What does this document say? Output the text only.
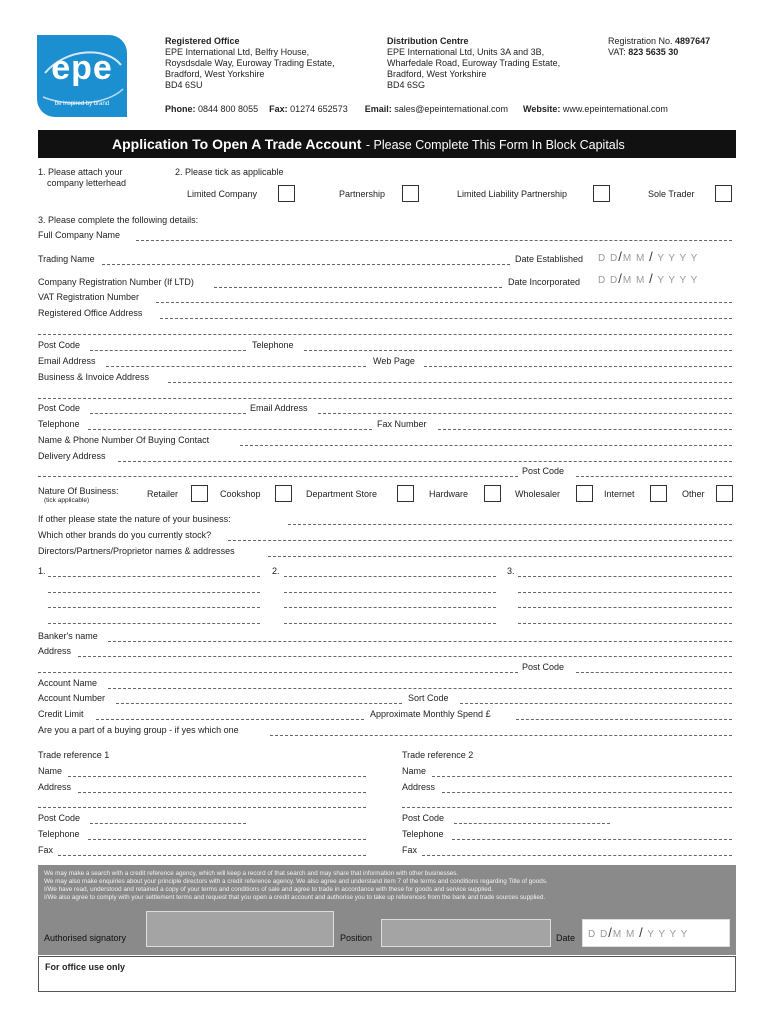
epe
be inspired by brand
Registered Office
EPE International Ltd, Belfry House,
Roysdsdale Way, Euroway Trading Estate,
Bradford, West Yorkshire
BD4 6SU
Distribution Centre
EPE International Ltd, Units 3A and 3B,
Wharfedale Road, Euroway Trading Estate,
Bradford, West Yorkshire
BD4 6SG
Registration No. 4897647
VAT: 823 5635 30
Phone: 0844 800 8055 Fax: 01274 652573 Email: sales@epeinternational.com Website: www.epeinternational.com
Application To Open A Trade Account - Please Complete This Form In Block Capitals
1. Please attach your
company letterhead
2. Please tick as applicable
Limited Company	Partnership	Limited Liability Partnership	Sole Trader
3. Please complete the following details:
Full Company Name
Trading Name	Date Established D D/M M / Y Y Y Y
Company Registration Number (If LTD)	Date Incorporated D D/M M / Y Y Y Y
VAT Registration Number
Registered Office Address
Post Code	Telephone
Email Address	Web Page
Business & Invoice Address
Post Code	Email Address
Telephone	Fax Number
Name & Phone Number Of Buying Contact
Delivery Address
Post Code
Nature Of Business:
(tick applicable)
Retailer	Cookshop	Department Store	Hardware	Wholesaler	Internet	Other
If other please state the nature of your business:
Which other brands do you currently stock?
Directors/Partners/Proprietor names & addresses
1.	2.	3.
Banker's name
Address
Post Code
Account Name
Account Number	Sort Code
Credit Limit	Approximate Monthly Spend £
Are you a part of a buying group - if yes which one
Trade reference 1
Name
Address
Post Code
Telephone
Fax
Trade reference 2
Name
Address
Post Code
Telephone
Fax
We may make a search with a credit reference agency, which will keep a record of that search and may share that information with other businesses.
We may also make enquiries about your principle directors with a credit reference agency. We also agree and understand item 7 of the terms and conditions regarding Title of goods.
I/We have read, understood and retained a copy of your terms and conditions of sale and agree to trade in accordance with these for goods and service supplied.
I/We also agree to comply with your settlement terms and request that you open a credit account and authorise you to take up references from the bank and trade sources supplied.
Authorised signatory	Position	Date D D/M M / Y Y Y Y
For office use only
